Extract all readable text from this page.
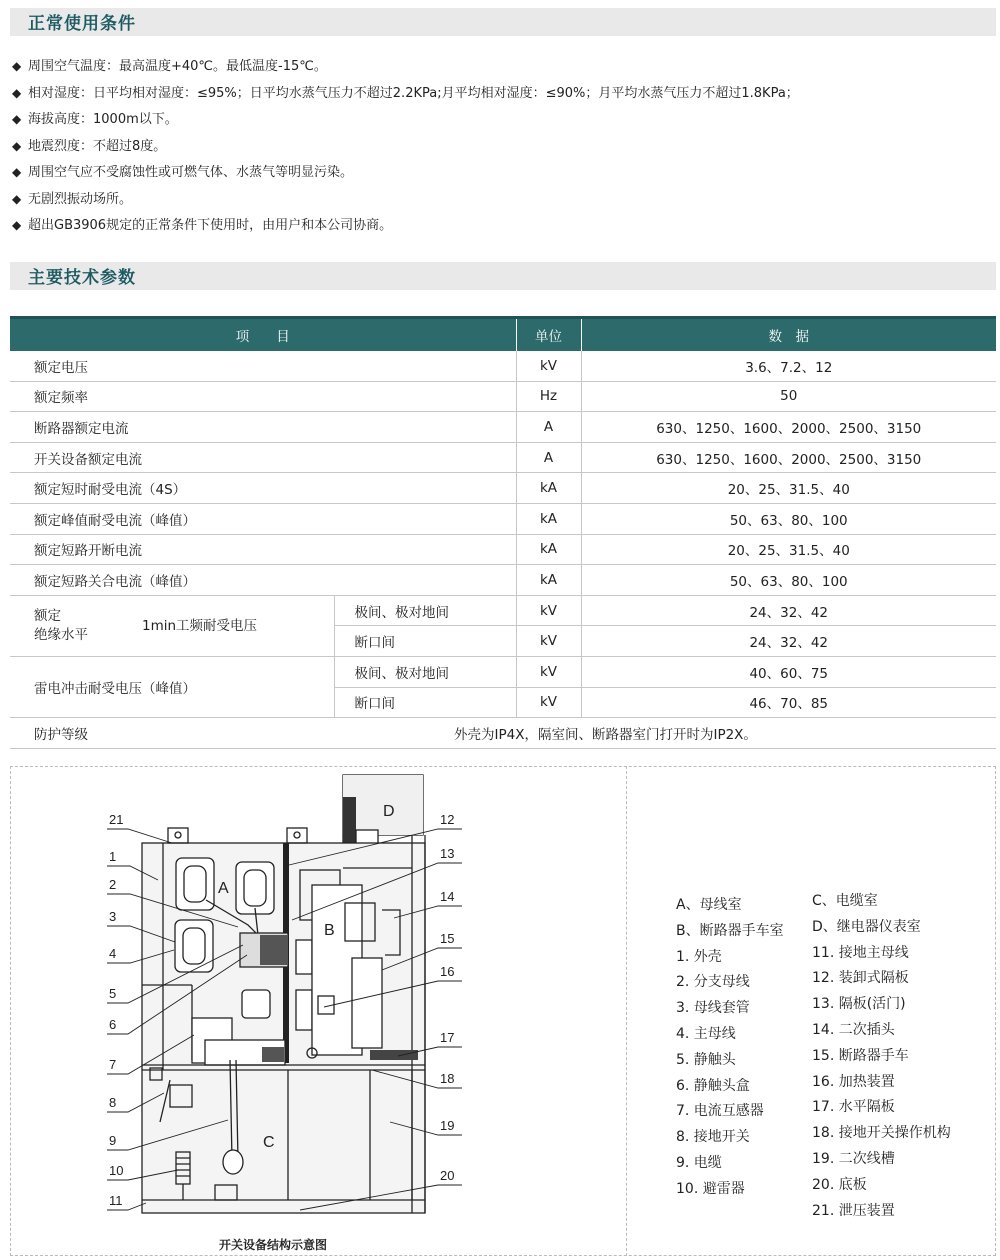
正常使用条件
◆ 周围空气温度：最高温度+40℃。最低温度-15℃。
◆ 相对湿度：日平均相对湿度：≤95%；日平均水蒸气压力不超过2.2KPa;月平均相对湿度：≤90%；月平均水蒸气压力不超过1.8KPa；
◆ 海拔高度：1000m以下。
◆ 地震烈度：不超过8度。
◆ 周围空气应不受腐蚀性或可燃气体、水蒸气等明显污染。
◆ 无剧烈振动场所。
◆ 超出GB3906规定的正常条件下使用时，由用户和本公司协商。
主要技术参数
项　　目		单位	数　据
额定电压		kV	3.6、7.2、12
额定频率		Hz	50
断路器额定电流		A	630、1250、1600、2000、2500、3150
开关设备额定电流		A	630、1250、1600、2000、2500、3150
额定短时耐受电流（4S）		kA	20、25、31.5、40
额定峰值耐受电流（峰值）		kA	50、63、80、100
额定短路开断电流		kA	20、25、31.5、40
额定短路关合电流（峰值）		kA	50、63、80、100

额定
绝缘水平
1min工频耐受电压	极间、极对地间	kV	24、32、42
	断口间	kV	24、32、42
雷电冲击耐受电压（峰值）	极间、极对地间	kV	40、60、75
	断口间	kV	46、70、85
防护等级	外壳为IP4X，隔室间、断路器室门打开时为IP2X。		
A
B
C
D
21
1
2
3
4
5
6
7
8
9
10
11
12
13
14
15
16
17
18
19
20
开关设备结构示意图
A、母线室
B、断路器手车室
1. 外壳
2. 分支母线
3. 母线套管
4. 主母线
5. 静触头
6. 静触头盒
7. 电流互感器
8. 接地开关
9. 电缆
10. 避雷器
C、电缆室
D、继电器仪表室
11. 接地主母线
12. 装卸式隔板
13. 隔板(活门)
14. 二次插头
15. 断路器手车
16. 加热装置
17. 水平隔板
18. 接地开关操作机构
19. 二次线槽
20. 底板
21. 泄压装置
